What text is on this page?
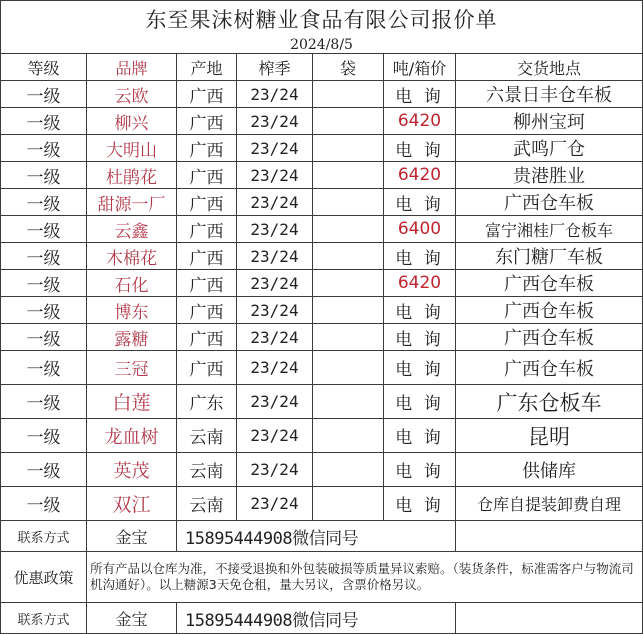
东至果沫树糖业食品有限公司报价单						
2024/8/5						
等级	品牌	产地	榨季	袋	吨/箱价	交货地点
一级	云欧	广西	23/24		电 询	六景日丰仓车板
一级	柳兴	广西	23/24		6420	柳州宝珂
一级	大明山	广西	23/24		电 询	武鸣厂仓
一级	杜鹃花	广西	23/24		6420	贵港胜业
一级	甜源一厂	广西	23/24		电 询	广西仓车板
一级	云鑫	广西	23/24		6400	富宁湘桂厂仓板车
一级	木棉花	广西	23/24		电 询	东门糖厂车板
一级	石化	广西	23/24		6420	广西仓车板
一级	博东	广西	23/24		电 询	广西仓车板
一级	露糖	广西	23/24		电 询	广西仓车板
一级	三冠	广西	23/24		电 询	广西仓车板
一级	白莲	广东	23/24		电 询	广东仓板车
一级	龙血树	云南	23/24		电 询	昆明
一级	英茂	云南	23/24		电 询	供储库
一级	双江	云南	23/24		电 询	仓库自提装卸费自理
联系方式	金宝	15895444908微信同号				
优惠政策	所有产品以仓库为准，不接受退换和外包装破损等质量异议索赔。（装货条件，标准需客户与物流司机沟通好）。以上糖源3天免仓租，量大另议，含票价格另议。					
联系方式	金宝	15895444908微信同号				
